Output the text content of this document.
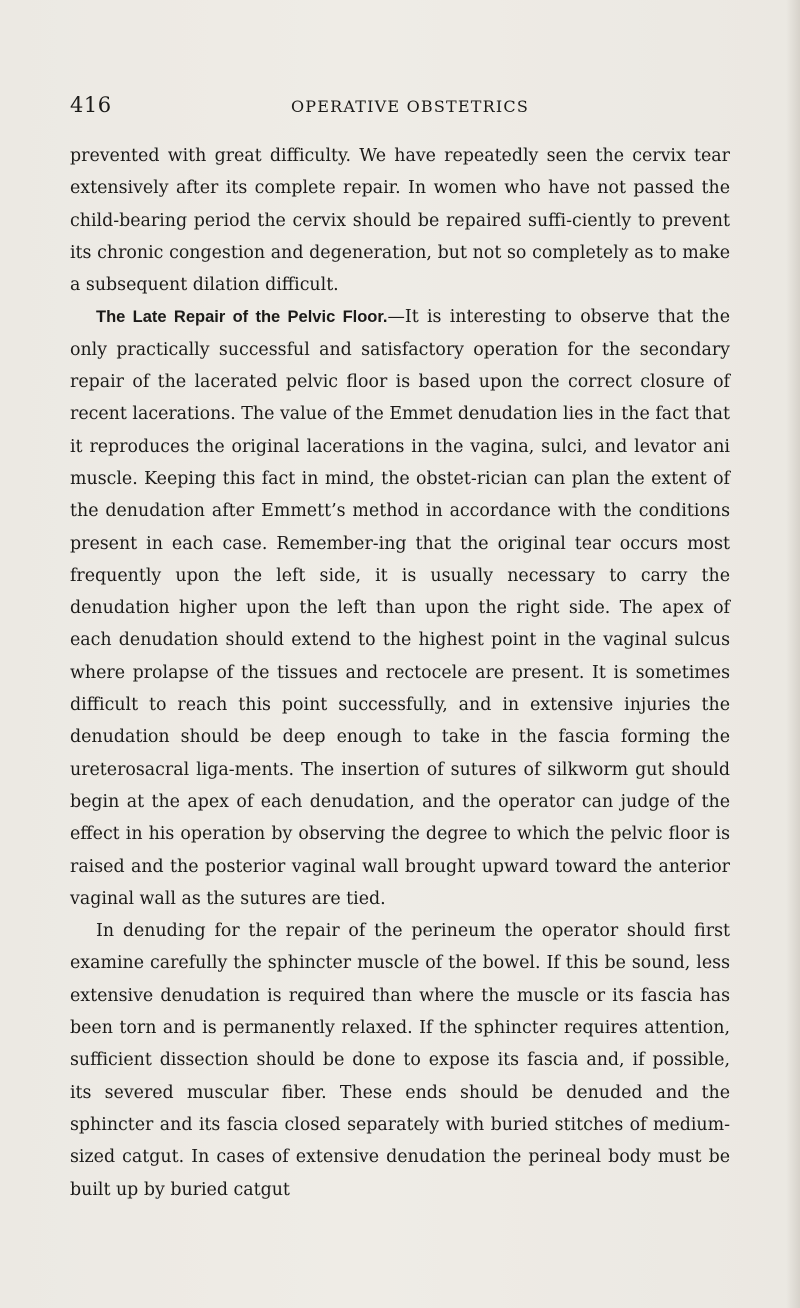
416	OPERATIVE OBSTETRICS

prevented with great difficulty. We have repeatedly seen the cervix tear extensively after its complete repair. In women who have not passed the child-bearing period the cervix should be repaired suffi-ciently to prevent its chronic congestion and degeneration, but not so completely as to make a subsequent dilation difficult.

The Late Repair of the Pelvic Floor.—It is interesting to observe that the only practically successful and satisfactory operation for the secondary repair of the lacerated pelvic floor is based upon the correct closure of recent lacerations. The value of the Emmet denudation lies in the fact that it reproduces the original lacerations in the vagina, sulci, and levator ani muscle. Keeping this fact in mind, the obstet-rician can plan the extent of the denudation after Emmett’s method in accordance with the conditions present in each case. Remember-ing that the original tear occurs most frequently upon the left side, it is usually necessary to carry the denudation higher upon the left than upon the right side. The apex of each denudation should extend to the highest point in the vaginal sulcus where prolapse of the tissues and rectocele are present. It is sometimes difficult to reach this point successfully, and in extensive injuries the denudation should be deep enough to take in the fascia forming the ureterosacral liga-ments. The insertion of sutures of silkworm gut should begin at the apex of each denudation, and the operator can judge of the effect in his operation by observing the degree to which the pelvic floor is raised and the posterior vaginal wall brought upward toward the anterior vaginal wall as the sutures are tied.

In denuding for the repair of the perineum the operator should first examine carefully the sphincter muscle of the bowel. If this be sound, less extensive denudation is required than where the muscle or its fascia has been torn and is permanently relaxed. If the sphincter requires attention, sufficient dissection should be done to expose its fascia and, if possible, its severed muscular fiber. These ends should be denuded and the sphincter and its fascia closed separately with buried stitches of medium-sized catgut. In cases of extensive denudation the perineal body must be built up by buried catgut
